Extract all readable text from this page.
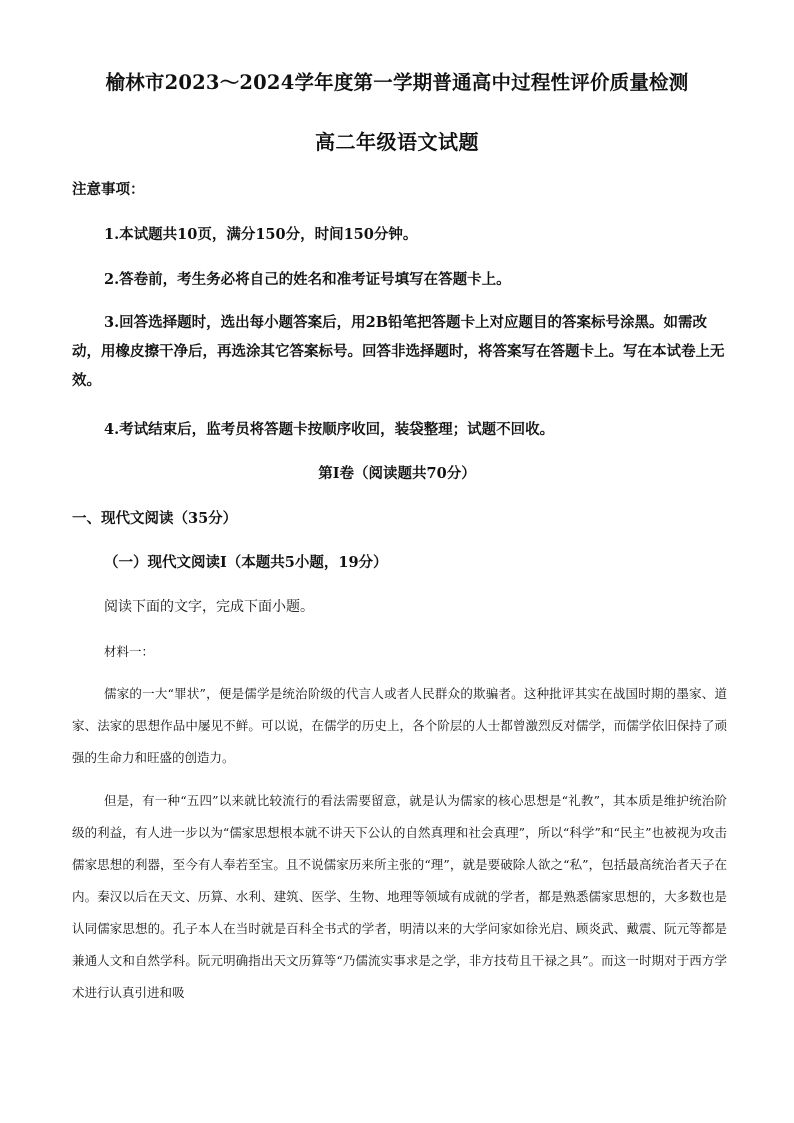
榆林市2023～2024学年度第一学期普通高中过程性评价质量检测
高二年级语文试题
注意事项：
1.本试题共10页，满分150分，时间150分钟。
2.答卷前，考生务必将自己的姓名和准考证号填写在答题卡上。
3.回答选择题时，选出每小题答案后，用2B铅笔把答题卡上对应题目的答案标号涂黑。如需改动，用橡皮擦干净后，再选涂其它答案标号。回答非选择题时，将答案写在答题卡上。写在本试卷上无效。
4.考试结束后，监考员将答题卡按顺序收回，装袋整理；试题不回收。
第Ⅰ卷（阅读题共70分）
一、现代文阅读（35分）
（一）现代文阅读Ⅰ（本题共5小题，19分）
阅读下面的文字，完成下面小题。
材料一：
儒家的一大“罪状”，便是儒学是统治阶级的代言人或者人民群众的欺骗者。这种批评其实在战国时期的墨家、道家、法家的思想作品中屡见不鲜。可以说，在儒学的历史上，各个阶层的人士都曾激烈反对儒学，而儒学依旧保持了顽强的生命力和旺盛的创造力。
但是，有一种“五四”以来就比较流行的看法需要留意，就是认为儒家的核心思想是“礼教”，其本质是维护统治阶级的利益，有人进一步以为“儒家思想根本就不讲天下公认的自然真理和社会真理”，所以“科学”和“民主”也被视为攻击儒家思想的利器，至今有人奉若至宝。且不说儒家历来所主张的“理”，就是要破除人欲之“私”，包括最高统治者天子在内。秦汉以后在天文、历算、水利、建筑、医学、生物、地理等领域有成就的学者，都是熟悉儒家思想的，大多数也是认同儒家思想的。孔子本人在当时就是百科全书式的学者，明清以来的大学问家如徐光启、顾炎武、戴震、阮元等都是兼通人文和自然学科。阮元明确指出天文历算等“乃儒流实事求是之学，非方技苟且干禄之具”。而这一时期对于西方学术进行认真引进和吸
